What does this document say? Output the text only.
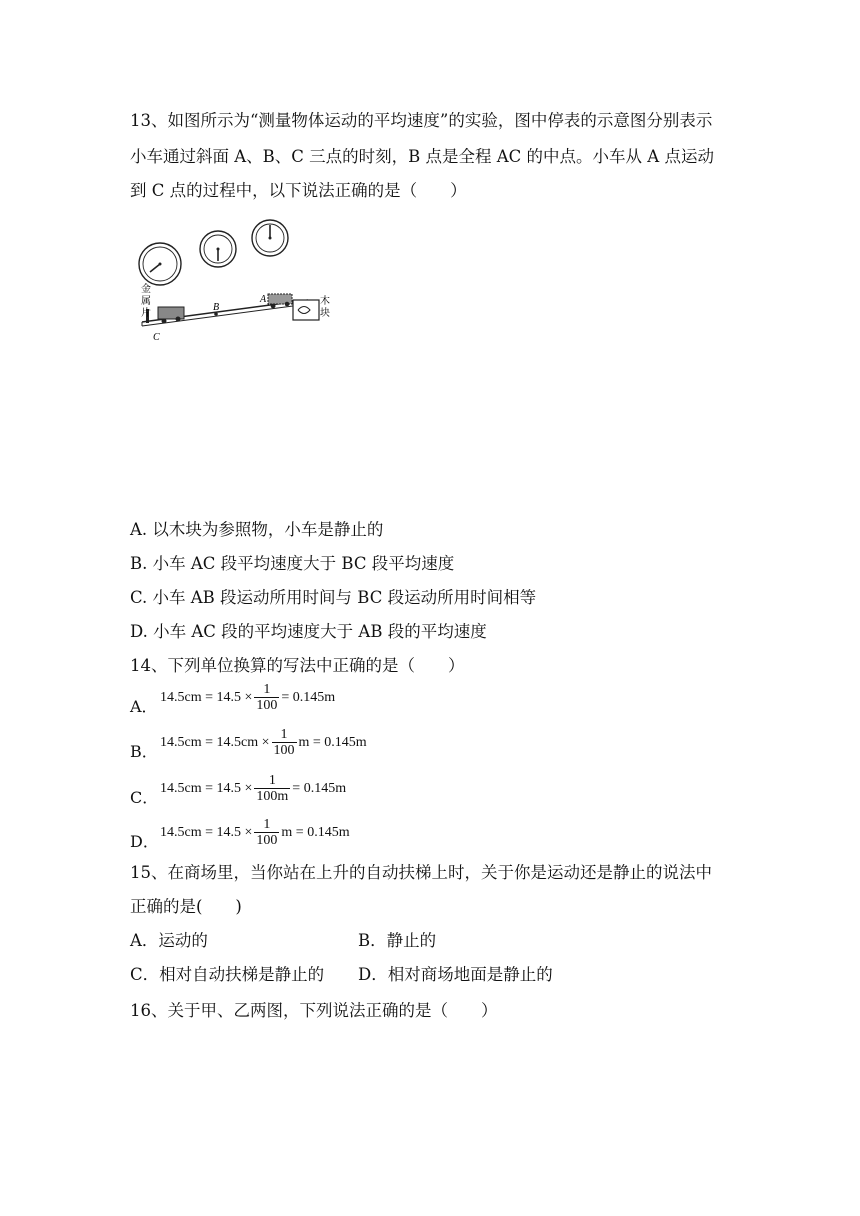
13、如图所示为“测量物体运动的平均速度”的实验，图中停表的示意图分别表示
小车通过斜面 A、B、C 三点的时刻，B 点是全程 AC 的中点。小车从 A 点运动
到 C 点的过程中，以下说法正确的是（　　）
A
B
C
金
属
片
木
块
A. 以木块为参照物，小车是静止的
B. 小车 AC 段平均速度大于 BC 段平均速度
C. 小车 AB 段运动所用时间与 BC 段运动所用时间相等
D. 小车 AC 段的平均速度大于 AB 段的平均速度
14、下列单位换算的写法中正确的是（　　）
A． $14.5cm = 14.5 \times \frac{1}{100} = 0.145m$
B． $14.5cm = 14.5cm \times \frac{1}{100}$ m = 0.145m
C． $14.5cm = 14.5 \times \frac{1}{100m} = 0.145m$
D． $14.5cm = 14.5 \times \frac{1}{100}$ m = 0.145m
15、在商场里，当你站在上升的自动扶梯上时，关于你是运动还是静止的说法中
正确的是(　　)
A．运动的	B．静止的
C．相对自动扶梯是静止的 D．相对商场地面是静止的
16、关于甲、乙两图，下列说法正确的是（　　）
